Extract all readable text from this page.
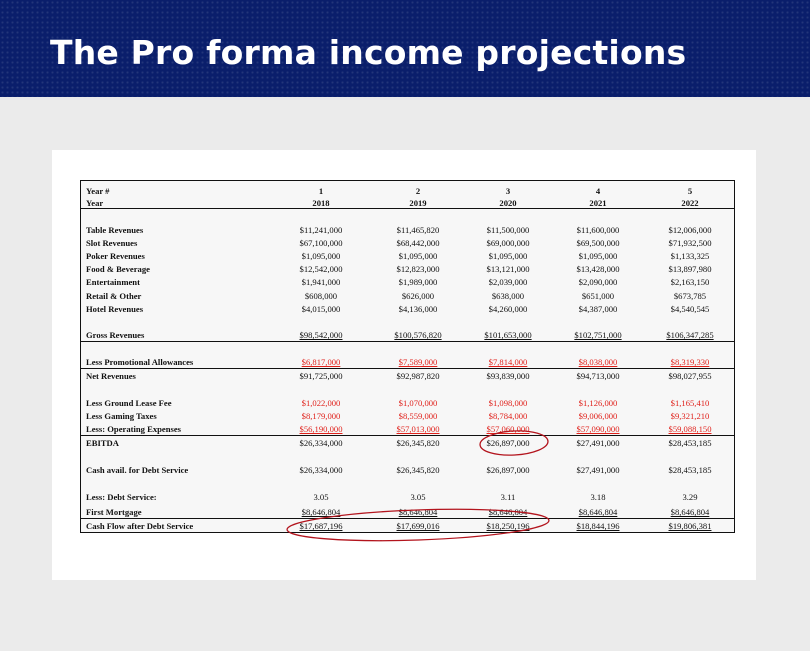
The Pro forma income projections
Year #	1	2	3	4	5
Year	2018	2019	2020	2021	2022
Table Revenues	$11,241,000	$11,465,820	$11,500,000	$11,600,000	$12,006,000
Slot Revenues	$67,100,000	$68,442,000	$69,000,000	$69,500,000	$71,932,500
Poker Revenues	$1,095,000	$1,095,000	$1,095,000	$1,095,000	$1,133,325
Food & Beverage	$12,542,000	$12,823,000	$13,121,000	$13,428,000	$13,897,980
Entertainment	$1,941,000	$1,989,000	$2,039,000	$2,090,000	$2,163,150
Retail & Other	$608,000	$626,000	$638,000	$651,000	$673,785
Hotel Revenues	$4,015,000	$4,136,000	$4,260,000	$4,387,000	$4,540,545
Gross Revenues	$98,542,000	$100,576,820	$101,653,000	$102,751,000	$106,347,285
Less Promotional Allowances	$6,817,000	$7,589,000	$7,814,000	$8,038,000	$8,319,330
Net Revenues	$91,725,000	$92,987,820	$93,839,000	$94,713,000	$98,027,955
Less Ground Lease Fee	$1,022,000	$1,070,000	$1,098,000	$1,126,000	$1,165,410
Less Gaming Taxes	$8,179,000	$8,559,000	$8,784,000	$9,006,000	$9,321,210
Less: Operating Expenses	$56,190,000	$57,013,000	$57,060,000	$57,090,000	$59,088,150
EBITDA	$26,334,000	$26,345,820	$26,897,000	$27,491,000	$28,453,185
Cash avail. for Debt Service	$26,334,000	$26,345,820	$26,897,000	$27,491,000	$28,453,185
Less: Debt Service:	3.05	3.05	3.11	3.18	3.29
First Mortgage	$8,646,804	$8,646,804	$8,646,804	$8,646,804	$8,646,804
Cash Flow after Debt Service	$17,687,196	$17,699,016	$18,250,196	$18,844,196	$19,806,381
